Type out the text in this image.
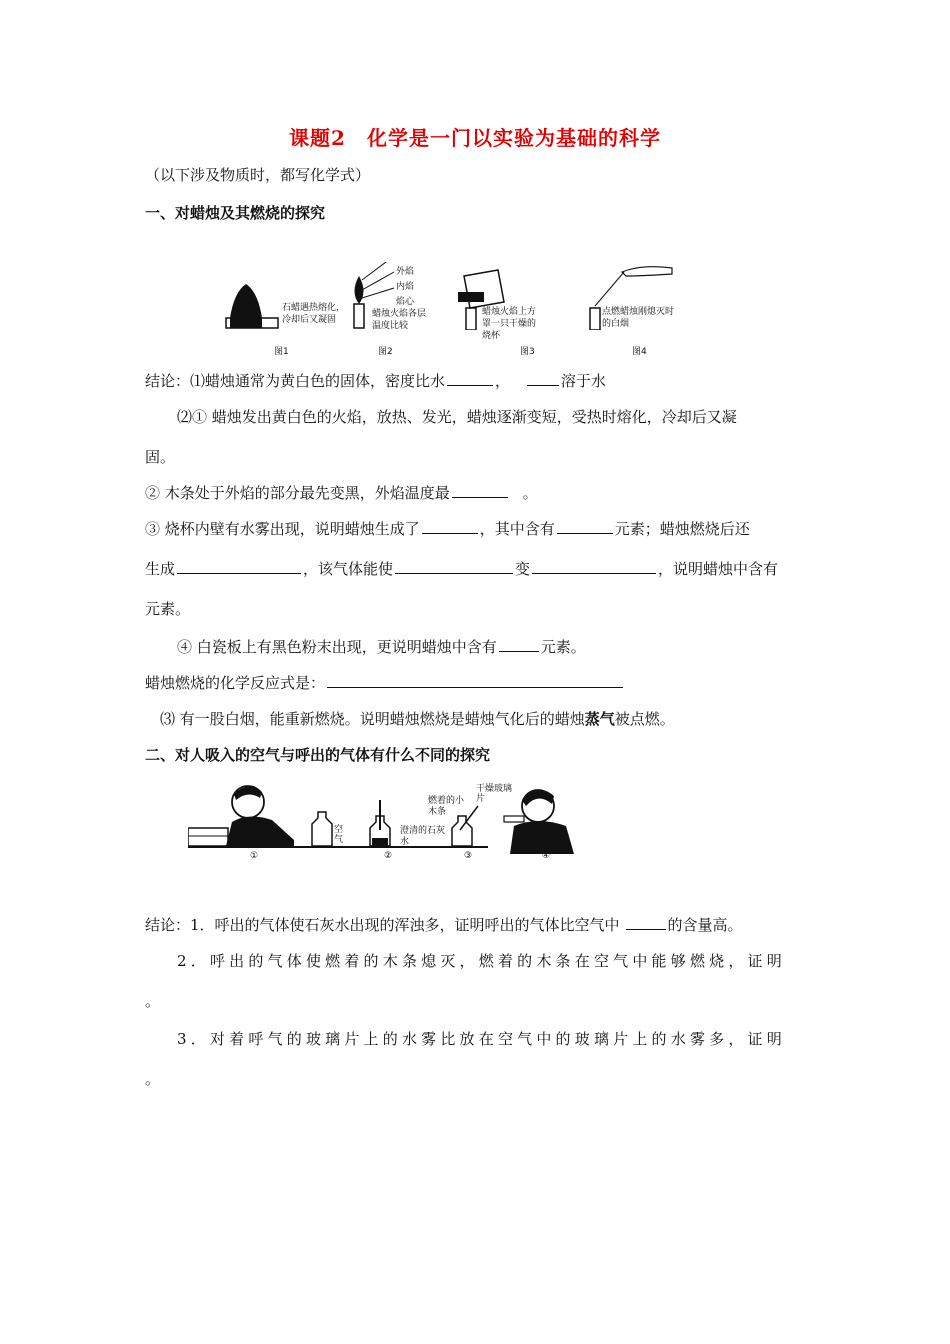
课题2　化学是一门以实验为基础的科学
（以下涉及物质时，都写化学式）
一、对蜡烛及其燃烧的探究
石蜡遇热熔化，冷却后又凝固
外焰
内焰
焰心
蜡烛火焰各层温度比较
蜡烛火焰上方罩一只干燥的烧杯
点燃蜡烛刚熄灭时的白烟
图1	图2	图3	图4
结论：⑴蜡烛通常为黄白色的固体，密度比水	，	溶于水
⑵① 蜡烛发出黄白色的火焰，放热、发光，蜡烛逐渐变短，受热时熔化，冷却后又凝
固。
② 木条处于外焰的部分最先变黑，外焰温度最	。
③ 烧杯内壁有水雾出现，说明蜡烛生成了	，其中含有	元素；蜡烛燃烧后还
生成	，该气体能使	变	，说明蜡烛中含有
元素。
④ 白瓷板上有黑色粉末出现，更说明蜡烛中含有	元素。
蜡烛燃烧的化学反应式是：
⑶ 有一股白烟，能重新燃烧。说明蜡烛燃烧是蜡烛气化后的蜡烛蒸气被点燃。
二、对人吸入的空气与呼出的气体有什么不同的探究
空气
澄清的石灰水
燃着的小木条
干燥玻璃片
①	②	③	④
结论：1．呼出的气体使石灰水出现的浑浊多，证明呼出的气体比空气中	的含量高。
2．呼出的气体使燃着的木条熄灭，燃着的木条在空气中能够燃烧，证明
。
3．对着呼气的玻璃片上的水雾比放在空气中的玻璃片上的水雾多，证明
。
